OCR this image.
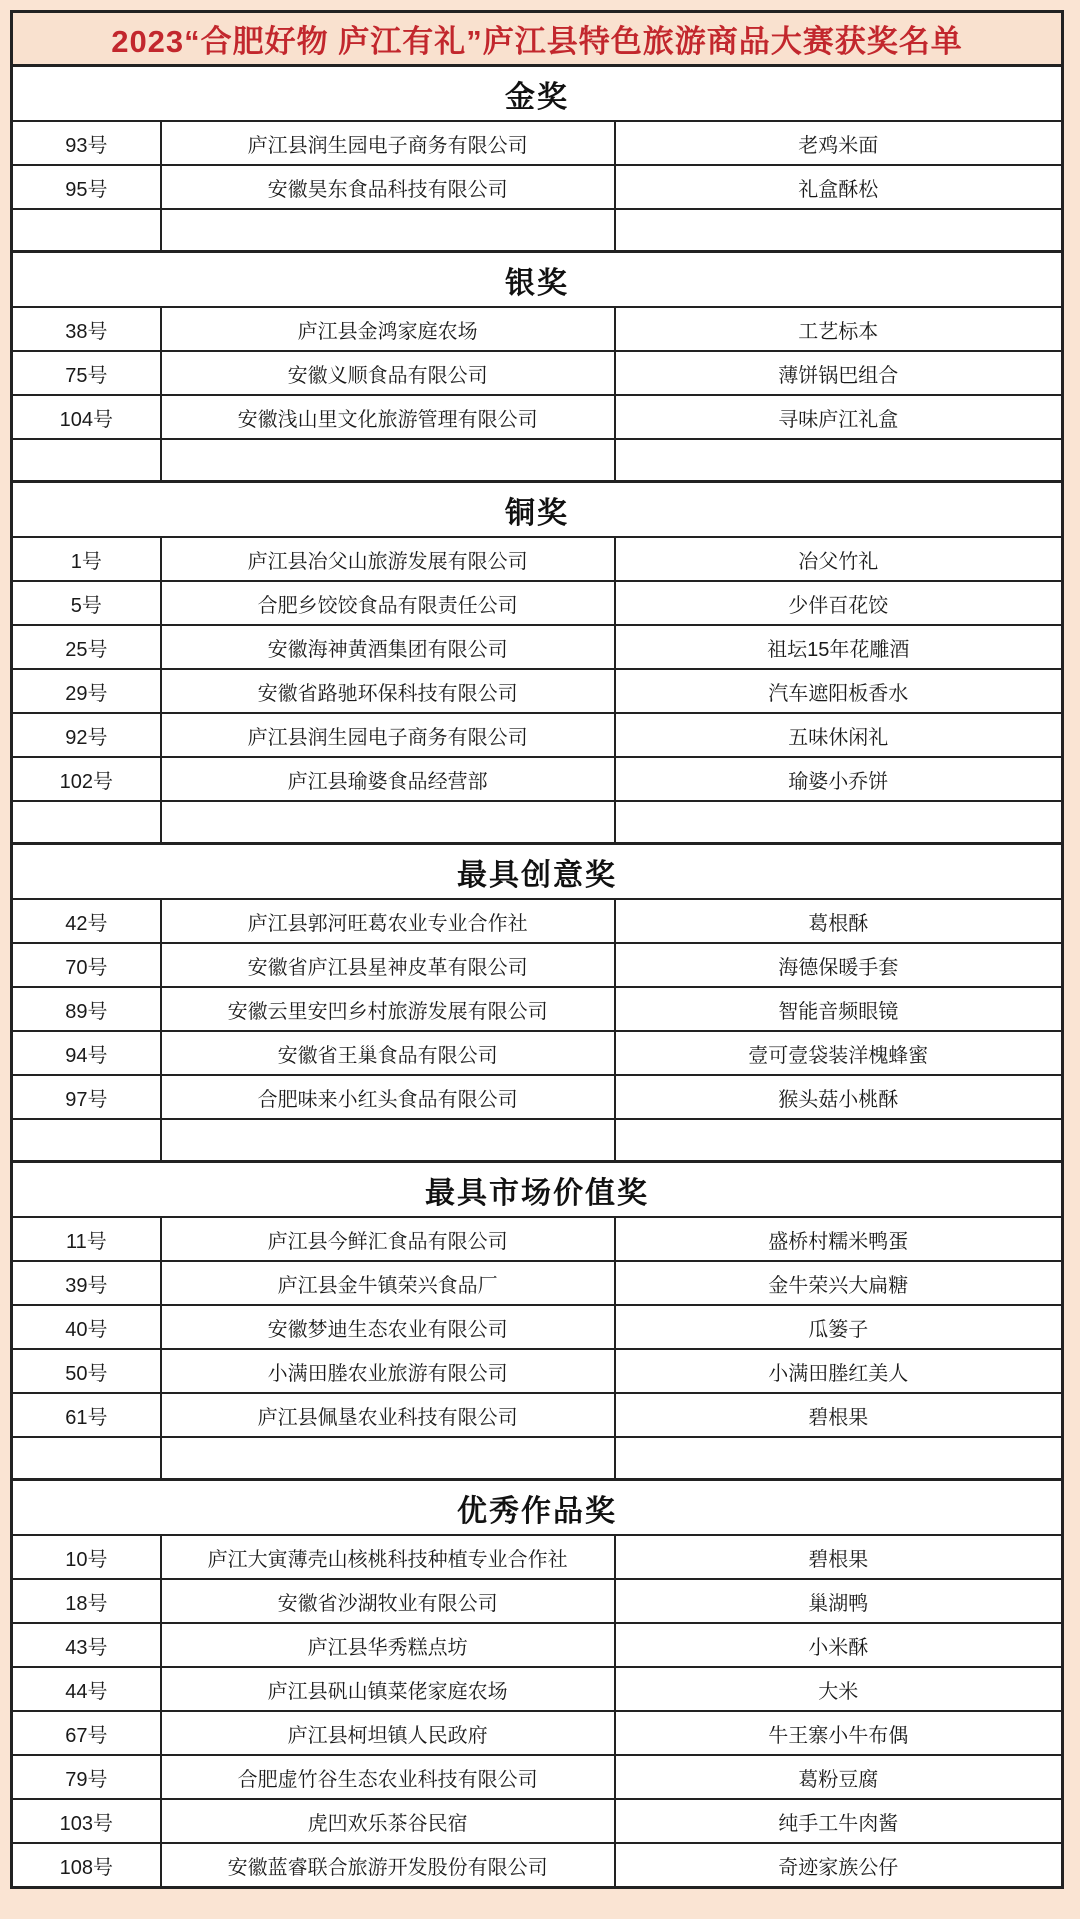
2023“合肥好物 庐江有礼”庐江县特色旅游商品大赛获奖名单
金奖
93号	庐江县润生园电子商务有限公司	老鸡米面
95号	安徽昊东食品科技有限公司	礼盒酥松
银奖
38号	庐江县金鸿家庭农场	工艺标本
75号	安徽义顺食品有限公司	薄饼锅巴组合
104号	安徽浅山里文化旅游管理有限公司	寻味庐江礼盒
铜奖
1号	庐江县冶父山旅游发展有限公司	冶父竹礼
5号	合肥乡饺饺食品有限责任公司	少伴百花饺
25号	安徽海神黄酒集团有限公司	祖坛15年花雕酒
29号	安徽省路驰环保科技有限公司	汽车遮阳板香水
92号	庐江县润生园电子商务有限公司	五味休闲礼
102号	庐江县瑜婆食品经营部	瑜婆小乔饼
最具创意奖
42号	庐江县郭河旺葛农业专业合作社	葛根酥
70号	安徽省庐江县星神皮革有限公司	海德保暖手套
89号	安徽云里安凹乡村旅游发展有限公司	智能音频眼镜
94号	安徽省王巢食品有限公司	壹可壹袋装洋槐蜂蜜
97号	合肥味来小红头食品有限公司	猴头菇小桃酥
最具市场价值奖
11号	庐江县今鲜汇食品有限公司	盛桥村糯米鸭蛋
39号	庐江县金牛镇荣兴食品厂	金牛荣兴大扁糖
40号	安徽梦迪生态农业有限公司	瓜篓子
50号	小满田塍农业旅游有限公司	小满田塍红美人
61号	庐江县佩垦农业科技有限公司	碧根果
优秀作品奖
10号	庐江大寅薄壳山核桃科技种植专业合作社	碧根果
18号	安徽省沙湖牧业有限公司	巢湖鸭
43号	庐江县华秀糕点坊	小米酥
44号	庐江县矾山镇菜佬家庭农场	大米
67号	庐江县柯坦镇人民政府	牛王寨小牛布偶
79号	合肥虚竹谷生态农业科技有限公司	葛粉豆腐
103号	虎凹欢乐茶谷民宿	纯手工牛肉酱
108号	安徽蓝睿联合旅游开发股份有限公司	奇迹家族公仔
